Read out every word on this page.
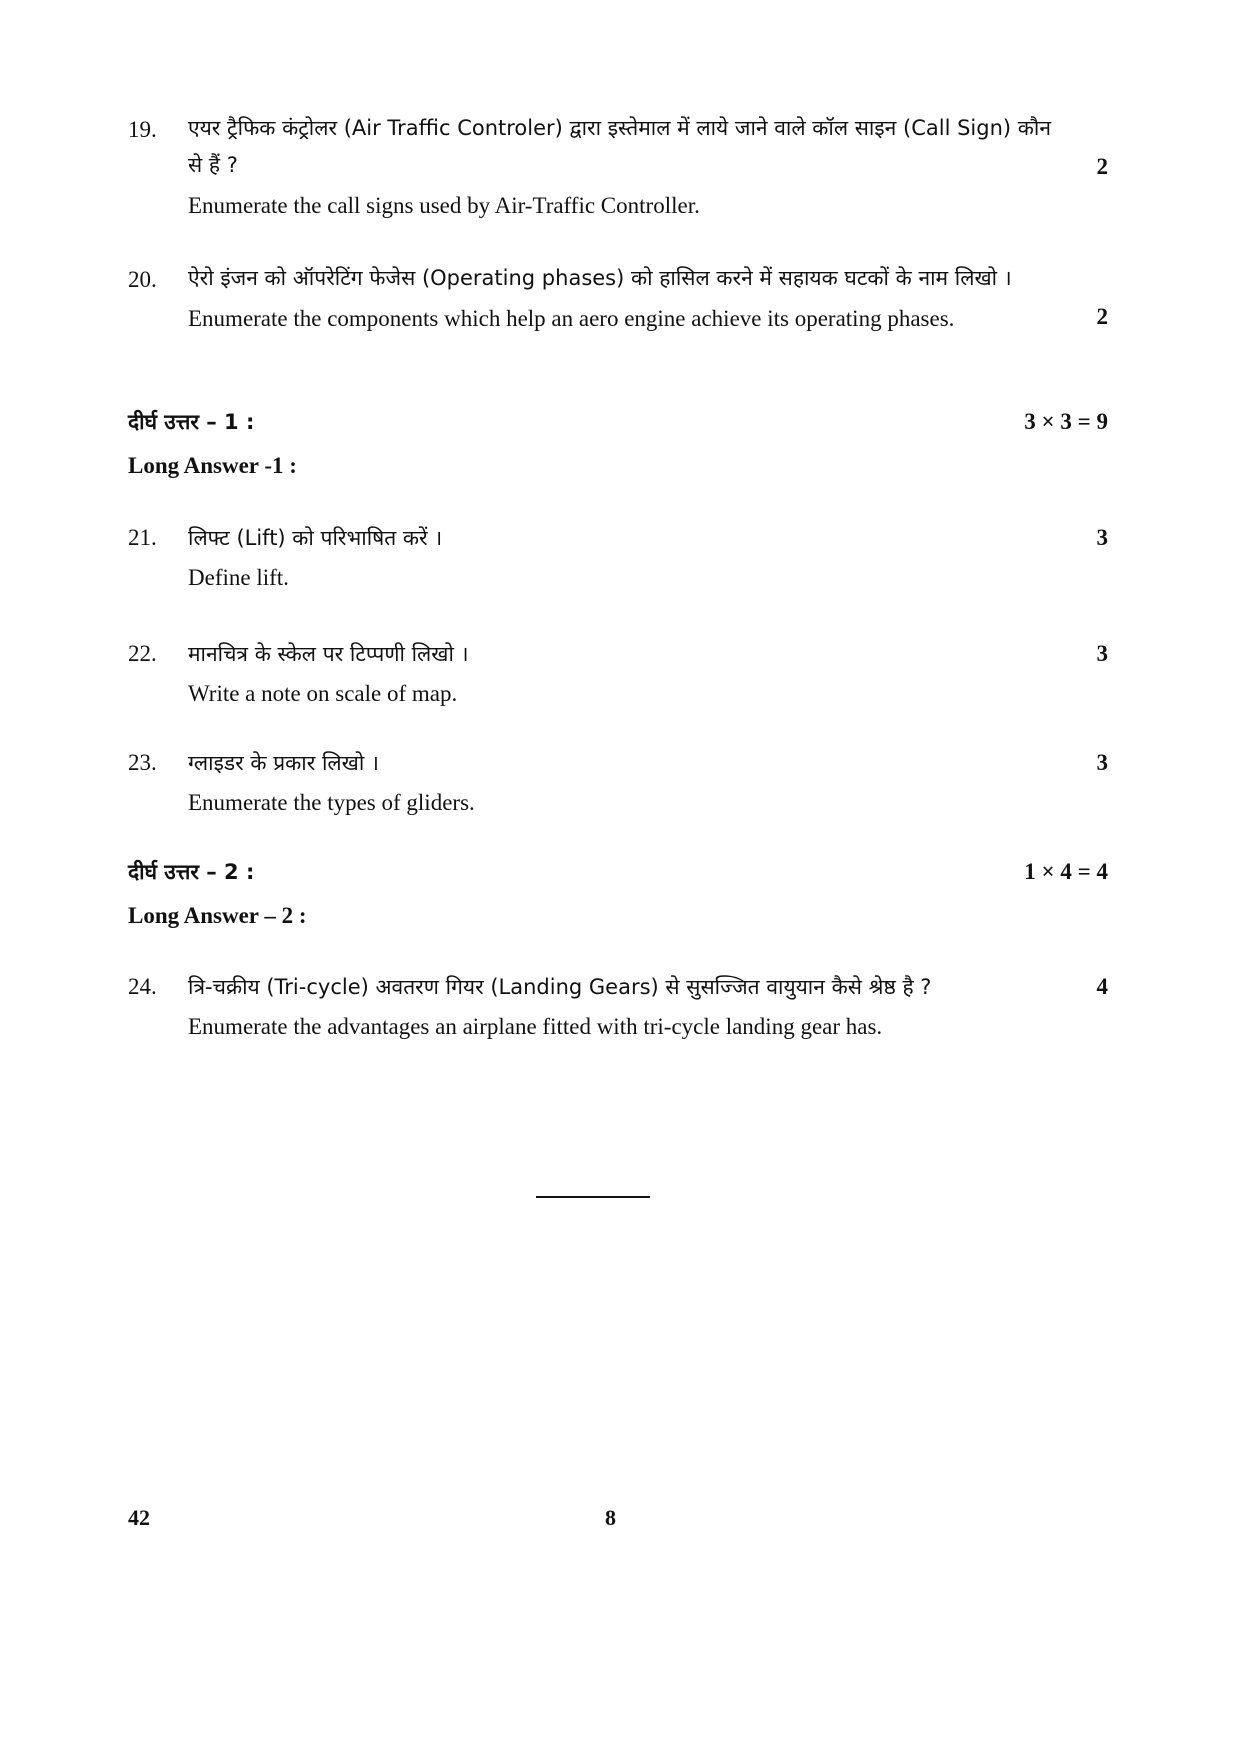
19. एयर ट्रैफिक कंट्रोलर (Air Traffic Controler) द्वारा इस्तेमाल में लाये जाने वाले कॉल साइन (Call Sign) कौन से हैं ?
Enumerate the call signs used by Air-Traffic Controller.
2
20. ऐरो इंजन को ऑपरेटिंग फेजेस (Operating phases) को हासिल करने में सहायक घटकों के नाम लिखो ।
Enumerate the components which help an aero engine achieve its operating phases.	2
दीर्घ उत्तर – 1 :	3 × 3 = 9
Long Answer -1 :
21. लिफ्ट (Lift) को परिभाषित करें ।
Define lift.
3
22. मानचित्र के स्केल पर टिप्पणी लिखो ।
Write a note on scale of map.
3
23. ग्लाइडर के प्रकार लिखो ।
Enumerate the types of gliders.
3
दीर्घ उत्तर – 2 :	1 × 4 = 4
Long Answer – 2 :
24. त्रि-चक्रीय (Tri-cycle) अवतरण गियर (Landing Gears) से सुसज्जित वायुयान कैसे श्रेष्ठ है ?
Enumerate the advantages an airplane fitted with tri-cycle landing gear has.
4
42	8
